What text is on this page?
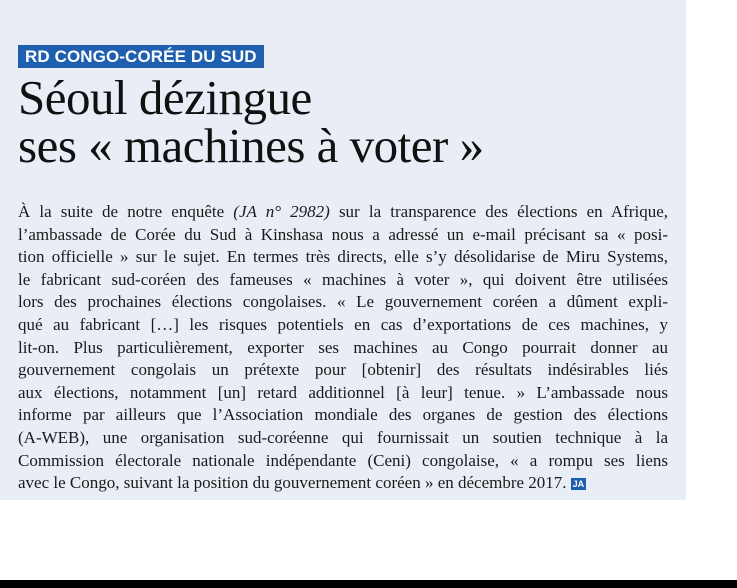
RD CONGO-CORÉE DU SUD
Séoul dézingue
ses « machines à voter »

À la suite de notre enquête (JA n° 2982) sur la transparence des élections en Afrique,
l’ambassade de Corée du Sud à Kinshasa nous a adressé un e-mail précisant sa « posi-
tion officielle » sur le sujet. En termes très directs, elle s’y désolidarise de Miru Systems,
le fabricant sud-coréen des fameuses « machines à voter », qui doivent être utilisées
lors des prochaines élections congolaises. « Le gouvernement coréen a dûment expli-
qué au fabricant […] les risques potentiels en cas d’exportations de ces machines, y
lit-on. Plus particulièrement, exporter ses machines au Congo pourrait donner au
gouvernement congolais un prétexte pour [obtenir] des résultats indésirables liés
aux élections, notamment [un] retard additionnel [à leur] tenue. » L’ambassade nous
informe par ailleurs que l’Association mondiale des organes de gestion des élections
(A-WEB), une organisation sud-coréenne qui fournissait un soutien technique à la
Commission électorale nationale indépendante (Ceni) congolaise, « a rompu ses liens
avec le Congo, suivant la position du gouvernement coréen » en décembre 2017. JA
